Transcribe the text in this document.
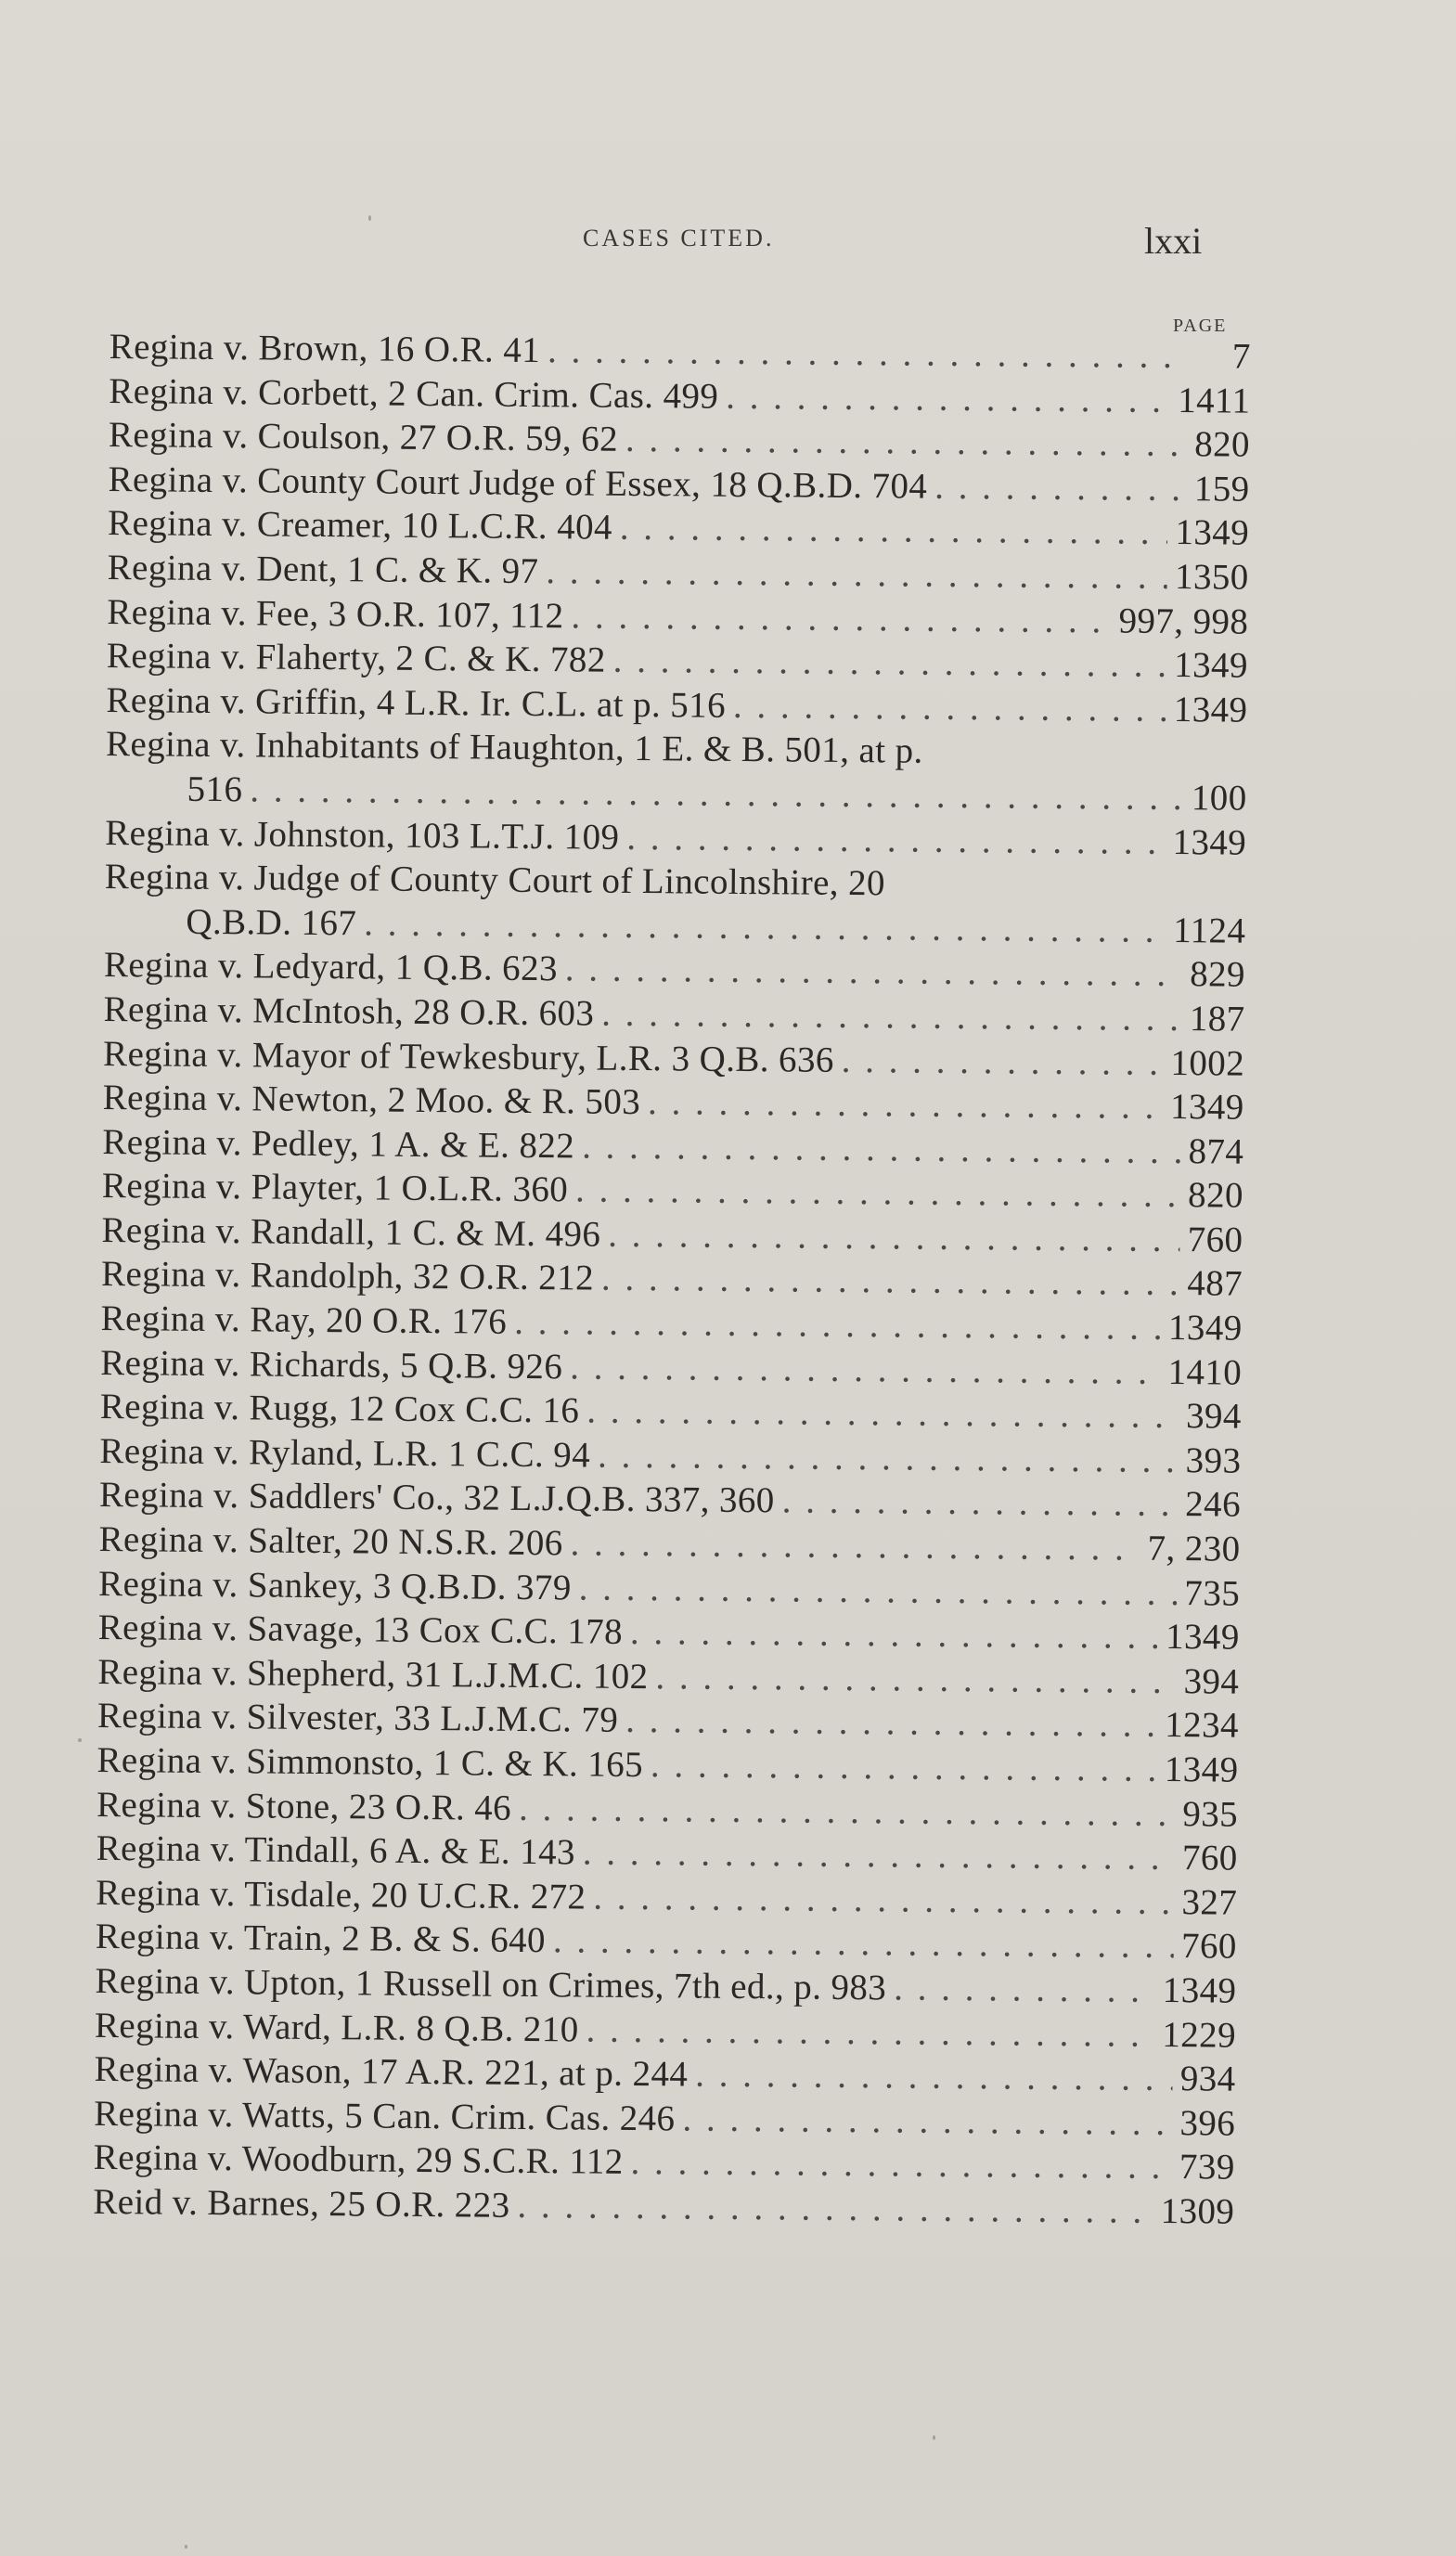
CASES CITED.	lxxi
PAGE
Regina v. Brown, 16 O.R. 41 . . .	7
Regina v. Corbett, 2 Can. Crim. Cas. 499 . . .	1411
Regina v. Coulson, 27 O.R. 59, 62 . . .	820
Regina v. County Court Judge of Essex, 18 Q.B.D. 704 . . .	159
Regina v. Creamer, 10 L.C.R. 404 . . .	1349
Regina v. Dent, 1 C. & K. 97 . . .	1350
Regina v. Fee, 3 O.R. 107, 112 . . .	997, 998
Regina v. Flaherty, 2 C. & K. 782 . . .	1349
Regina v. Griffin, 4 L.R. Ir. C.L. at p. 516 . . .	1349
Regina v. Inhabitants of Haughton, 1 E. & B. 501, at p.
516 . . .	100
Regina v. Johnston, 103 L.T.J. 109 . . .	1349
Regina v. Judge of County Court of Lincolnshire, 20
Q.B.D. 167 . . .	1124
Regina v. Ledyard, 1 Q.B. 623 . . .	829
Regina v. McIntosh, 28 O.R. 603 . . .	187
Regina v. Mayor of Tewkesbury, L.R. 3 Q.B. 636 . . .	1002
Regina v. Newton, 2 Moo. & R. 503 . . .	1349
Regina v. Pedley, 1 A. & E. 822 . . .	874
Regina v. Playter, 1 O.L.R. 360 . . .	820
Regina v. Randall, 1 C. & M. 496 . . .	760
Regina v. Randolph, 32 O.R. 212 . . .	487
Regina v. Ray, 20 O.R. 176 . . .	1349
Regina v. Richards, 5 Q.B. 926 . . .	1410
Regina v. Rugg, 12 Cox C.C. 16 . . .	394
Regina v. Ryland, L.R. 1 C.C. 94 . . .	393
Regina v. Saddlers' Co., 32 L.J.Q.B. 337, 360 . . .	246
Regina v. Salter, 20 N.S.R. 206 . . .	7, 230
Regina v. Sankey, 3 Q.B.D. 379 . . .	735
Regina v. Savage, 13 Cox C.C. 178 . . .	1349
Regina v. Shepherd, 31 L.J.M.C. 102 . . .	394
Regina v. Silvester, 33 L.J.M.C. 79 . . .	1234
Regina v. Simmonsto, 1 C. & K. 165 . . .	1349
Regina v. Stone, 23 O.R. 46 . . .	935
Regina v. Tindall, 6 A. & E. 143 . . .	760
Regina v. Tisdale, 20 U.C.R. 272 . . .	327
Regina v. Train, 2 B. & S. 640 . . .	760
Regina v. Upton, 1 Russell on Crimes, 7th ed., p. 983 . . .	1349
Regina v. Ward, L.R. 8 Q.B. 210 . . .	1229
Regina v. Wason, 17 A.R. 221, at p. 244 . . .	934
Regina v. Watts, 5 Can. Crim. Cas. 246 . . .	396
Regina v. Woodburn, 29 S.C.R. 112 . . .	739
Reid v. Barnes, 25 O.R. 223 . . .	1309
